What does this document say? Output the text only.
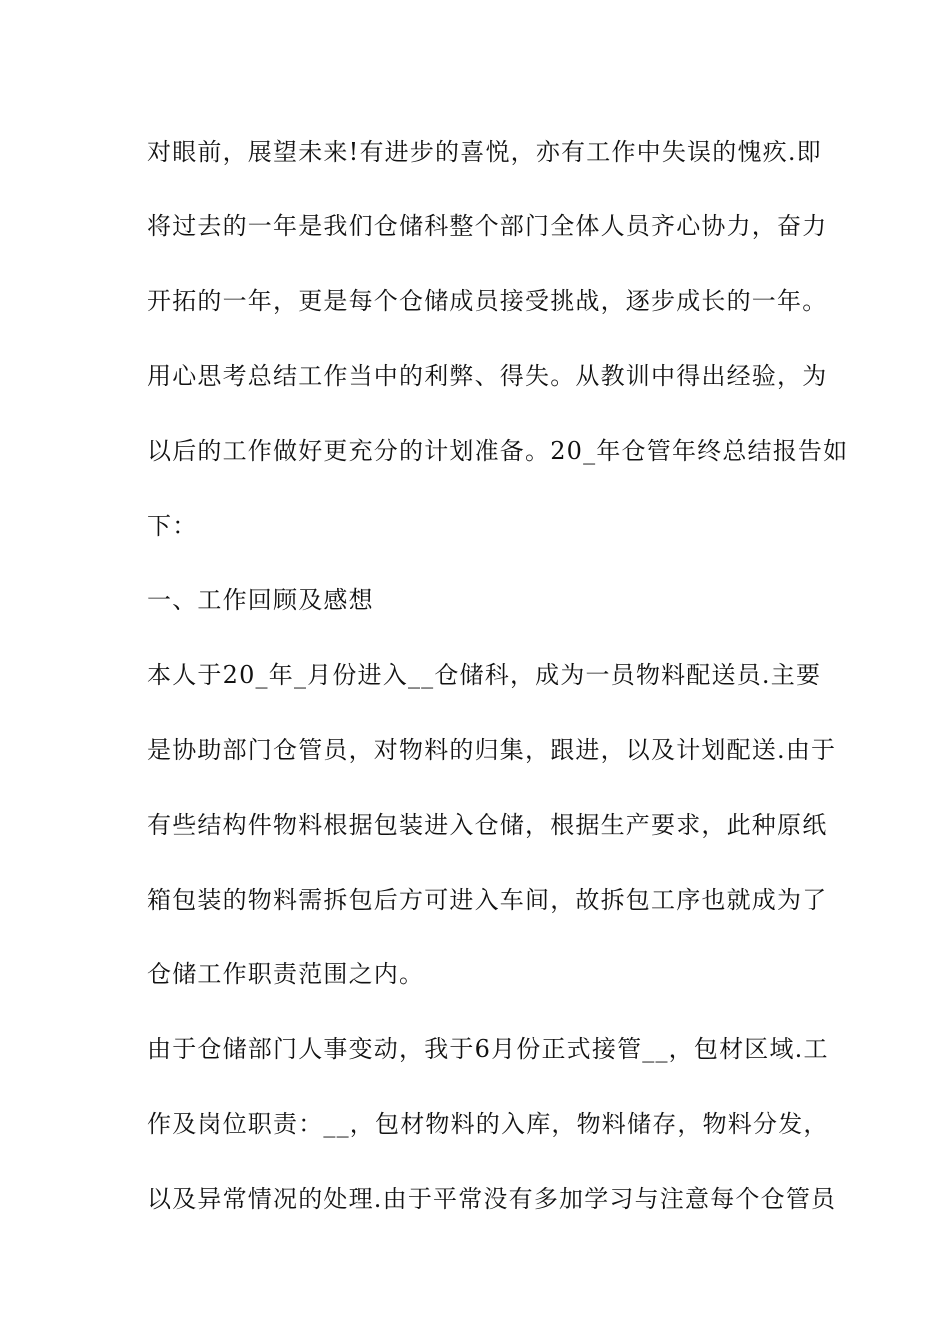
对眼前，展望未来!有进步的喜悦，亦有工作中失误的愧疚.即
将过去的一年是我们仓储科整个部门全体人员齐心协力，奋力
开拓的一年，更是每个仓储成员接受挑战，逐步成长的一年。
用心思考总结工作当中的利弊、得失。从教训中得出经验，为
以后的工作做好更充分的计划准备。20_年仓管年终总结报告如
下：
一、工作回顾及感想
本人于20_年_月份进入__仓储科，成为一员物料配送员.主要
是协助部门仓管员，对物料的归集，跟进，以及计划配送.由于
有些结构件物料根据包装进入仓储，根据生产要求，此种原纸
箱包装的物料需拆包后方可进入车间，故拆包工序也就成为了
仓储工作职责范围之内。
由于仓储部门人事变动，我于6月份正式接管__，包材区域.工
作及岗位职责：__，包材物料的入库，物料储存，物料分发，
以及异常情况的处理.由于平常没有多加学习与注意每个仓管员
